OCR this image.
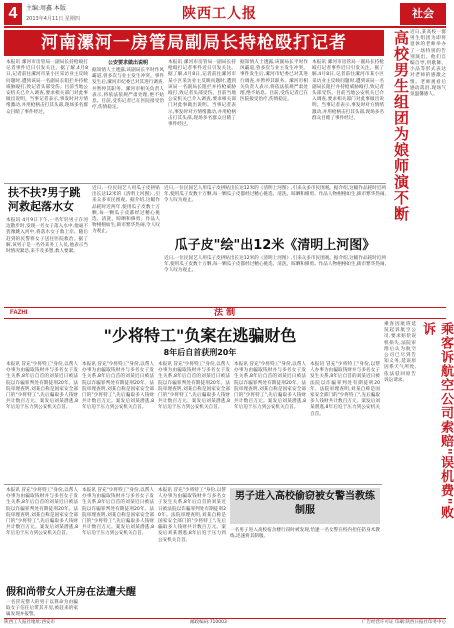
4	主编:周鑫 本版
2013年4月11日 星期四	陕西工人报	社会
河南漯河一房管局副局长持枪殴打记者
本报讯 漯河市房管局一副局长持枪殴打记者事件近日引发关注。据了解,4月8日,记者前往漯河市某小区采访业主反映问题时,遭到该局一名副局长阻拦并持枪威胁殴打,致记者头部受伤。目前当地公安机关已介入调查,要求相关部门对此事做出说明。当事记者表示,事发时对方情绪激动,并用枪柄击打其头部,现场多名群众目睹了事件经过。
公安要求做出说明
据知情人士透露,该副局长平时作风霸道,曾多次与业主发生冲突。事件发生后,漯河市纪委已对其进行调查,并暂停其职务。漯河市相关负责人表示,将依法依规严肃处理,绝不姑息。目前,受伤记者已在医院接受治疗,伤情稳定。
本报讯 漯河市房管局一副局长持枪殴打记者事件近日引发关注。据了解,4月8日,记者前往漯河市某小区采访业主反映问题时,遭到该局一名副局长阻拦并持枪威胁殴打,致记者头部受伤。目前当地公安机关已介入调查,要求相关部门对此事做出说明。当事记者表示,事发时对方情绪激动,并用枪柄击打其头部,现场多名群众目睹了事件经过。
据知情人士透露,该副局长平时作风霸道,曾多次与业主发生冲突。事件发生后,漯河市纪委已对其进行调查,并暂停其职务。漯河市相关负责人表示,将依法依规严肃处理,绝不姑息。目前,受伤记者已在医院接受治疗,伤情稳定。
本报讯 漯河市房管局一副局长持枪殴打记者事件近日引发关注。据了解,4月8日,记者前往漯河市某小区采访业主反映问题时,遭到该局一名副局长阻拦并持枪威胁殴打,致记者头部受伤。目前当地公安机关已介入调查,要求相关部门对此事做出说明。当事记者表示,事发时对方情绪激动,并用枪柄击打其头部,现场多名群众目睹了事件经过。	高校男生组团为娘师演不断 近日,某高校一群男生组团为即将退休的老师举办了一场特别的告别演出。他们自编自导,用歌舞、小品等形式表达对老师的感激之情。老师观看后感动落泪,现场气氛温馨感人。
扶不扶?男子跳河救起落水女
本报讯 4月9日下午,一名年轻男子在河边散步时,发现一名女子落入水中,他毫不犹豫跳入河中,将落水女子救上岸。随后赶到的民警将女子送往医院救治。据了解,该男子是一名外来务工人员,他表示当时情况紧急,来不及多想,救人要紧。
近日,一位民间艺人用瓜子皮拼贴出长达12米的《清明上河图》,引来众多市民围观。据介绍,这幅作品耗时近两年,使用瓜子皮数十万颗,每一颗瓜子皮都经过精心挑选、清洗、晾晒和修剪。作品人物栩栩如生,街市繁华热闹,令人叹为观止。
瓜子皮"绘"出12米《清明上河图》
近日,一位民间艺人用瓜子皮拼贴出长达12米的《清明上河图》,引来众多市民围观。据介绍,这幅作品耗时近两年,使用瓜子皮数十万颗,每一颗瓜子皮都经过精心挑选、清洗、晾晒和修剪。作品人物栩栩如生,街市繁华热闹,令人叹为观止。
近日,一位民间艺人用瓜子皮拼贴出长达12米的《清明上河图》,引来众多市民围观。据介绍,这幅作品耗时近两年,使用瓜子皮数十万颗,每一颗瓜子皮都经过精心挑选、清洗、晾晒和修剪。作品人物栩栩如生,街市繁华热闹,令人叹为观止。
FAZHI	法 制
"少将特工"负案在逃骗财色
8年后自首获刑20年
本报讯 冒充"少将特工"身份,以帮人办事为由骗取钱财并与多名女子发生关系,8年后自首的刘某近日被法院以诈骗罪判处有期徒刑20年。法院审理查明,刘某自称是国家安全部门的"少将特工",先后骗取多人钱财共计数百万元。案发后刘某潜逃,8年后迫于压力到公安机关自首。
本报讯 冒充"少将特工"身份,以帮人办事为由骗取钱财并与多名女子发生关系,8年后自首的刘某近日被法院以诈骗罪判处有期徒刑20年。法院审理查明,刘某自称是国家安全部门的"少将特工",先后骗取多人钱财共计数百万元。案发后刘某潜逃,8年后迫于压力到公安机关自首。
本报讯 冒充"少将特工"身份,以帮人办事为由骗取钱财并与多名女子发生关系,8年后自首的刘某近日被法院以诈骗罪判处有期徒刑20年。法院审理查明,刘某自称是国家安全部门的"少将特工",先后骗取多人钱财共计数百万元。案发后刘某潜逃,8年后迫于压力到公安机关自首。
本报讯 冒充"少将特工"身份,以帮人办事为由骗取钱财并与多名女子发生关系,8年后自首的刘某近日被法院以诈骗罪判处有期徒刑20年。法院审理查明,刘某自称是国家安全部门的"少将特工",先后骗取多人钱财共计数百万元。案发后刘某潜逃,8年后迫于压力到公安机关自首。
本报讯 冒充"少将特工"身份,以帮人办事为由骗取钱财并与多名女子发生关系,8年后自首的刘某近日被法院以诈骗罪判处有期徒刑20年。法院审理查明,刘某自称是国家安全部门的"少将特工",先后骗取多人钱财共计数百万元。案发后刘某潜逃,8年后迫于压力到公安机关自首。	乘客诉航空公司索赔"误机费"败诉
乘客因航班延误起诉航空公司,要求赔偿误机损失,法院审理后认为航空公司已尽到告知义务,延误原因系天气所致,依法驳回原告诉讼请求。
男子进入高校偷窃被女警当教练制服
一名男子进入高校宿舍楼行窃时被发现,恰逢一名女警在校内担任防身术教练,迅速将其制服。
本报讯 冒充"少将特工"身份,以帮人办事为由骗取钱财并与多名女子发生关系,8年后自首的刘某近日被法院以诈骗罪判处有期徒刑20年。法院审理查明,刘某自称是国家安全部门的"少将特工",先后骗取多人钱财共计数百万元。案发后刘某潜逃,8年后迫于压力到公安机关自首。
本报讯 冒充"少将特工"身份,以帮人办事为由骗取钱财并与多名女子发生关系,8年后自首的刘某近日被法院以诈骗罪判处有期徒刑20年。法院审理查明,刘某自称是国家安全部门的"少将特工",先后骗取多人钱财共计数百万元。案发后刘某潜逃,8年后迫于压力到公安机关自首。
本报讯 冒充"少将特工"身份,以帮人办事为由骗取钱财并与多名女子发生关系,8年后自首的刘某近日被法院以诈骗罪判处有期徒刑20年。法院审理查明,刘某自称是国家安全部门的"少将特工",先后骗取多人钱财共计数百万元。案发后刘某潜逃,8年后迫于压力到公安机关自首。
假和尚带女人开房在法遭夫醒
一名冒充僧人的男子以算命为由骗取女子信任后带其开房,被赶来的家属发现并报警。
陕西工人报社地址:西安市	邮政编码:710003	广告经营许可证 印刷:陕西日报社印务中心
